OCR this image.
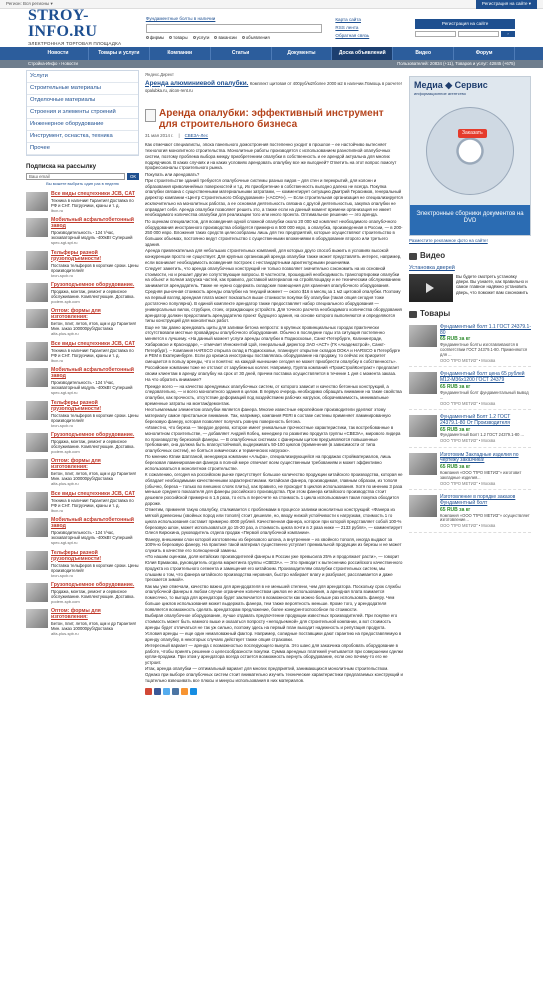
Регион: Вся регионы ▾	Регистрация на сайте ▾
STROY-INFO.RU
ЭЛЕКТРОННАЯ ТОРГОВАЯ ПЛОЩАДКА
Фундаментные болты в наличии
фирмы	товары	услуги	вакансии	объявления
Карта сайта
RSS лента
Обратная связь
Регистрация на сайте
›
Новости	Товары и услуги	Компании	Статьи	Документы	Доска объявлений	Видео	Форум
Стройка-Инфо › Новости	Пользователей: 20834 (+11), Товаров и услуг: 42845 (+675)
Услуги
Строительные материалы
Отделочные материалы
Строения и элементы строений
Инженерное оборудование
Инструмент, оснастка, техника
Прочее
Подписка на рассылку
Ваш email	ОК
Вы можете выбрать один раз в неделю
Все виды спецтехники JCB, CAT
Техника в наличии! Гарантия! Доставка по РФ и СНГ. Погрузчики, краны и т. д.
lbcn.ru
Мобильный асфальтобетонный завод
Производительность - 124 т/час, экскаваторный модуль -400кВт Супершнй
spec-sgt-spt.ru
Тельферы разной грузоподъемности!
Поставка тельферов в короткие сроки. Цены производителей!
krcn-spcb.ru
Грузоподъемное оборудование.
Продажа, монтаж, ремонт и сервисное обслуживание. Комплектующие. Доставка.
podem-spb.com
Оптом: формы для изготовления:
Бетон, плит, летов, ятов, щм и др Гарантия! Мин. заказ 100000руб!Доставка
alfa-plus-spb.ru
Все виды спецтехники JCB, CAT
Техника в наличии! Гарантия! Доставка по РФ и СНГ. Погрузчики, краны и т. д.
lbcn.ru
Мобильный асфальтобетонный завод
Производительность - 124 т/час, экскаваторный модуль -400кВт Супершнй
spec-sgt-spt.ru
Тельферы разной грузоподъемности!
Поставка тельферов в короткие сроки. Цены производителей!
krcn-spcb.ru
Грузоподъемное оборудование.
Продажа, монтаж, ремонт и сервисное обслуживание. Комплектующие. Доставка.
podem-spb.com
Оптом: формы для изготовления:
Бетон, плит, летов, ятов, щм и др Гарантия! Мин. заказ 100000руб!Доставка
alfa-plus-spb.ru
Все виды спецтехники JCB, CAT
Техника в наличии! Гарантия! Доставка по РФ и СНГ. Погрузчики, краны и т. д.
lbcn.ru
Мобильный асфальтобетонный завод
Производительность - 124 т/час, экскаваторный модуль -400кВт Супершнй
spec-sgt-spt.ru
Тельферы разной грузоподъемности!
Поставка тельферов в короткие сроки. Цены производителей!
krcn-spcb.ru
Грузоподъемное оборудование.
Продажа, монтаж, ремонт и сервисное обслуживание. Комплектующие. Доставка.
podem-spb.com
Оптом: формы для изготовления:
Бетон, плит, летов, ятов, щм и др Гарантия! Мин. заказ 100000руб!Доставка
alfa-plus-spb.ru
Яндекс.Директ
Аренда алюминиевой опалубки. Комплект щитовая от 400руб/м2!более 2000 м2 в наличии.Помощь в расчете!
opalubka.ru, alcon-rent.ru
Аренда опалубки: эффективный инструмент для строительного бизнеса
31 мая 2014 г. | СВЕЗА-Лес

Как отмечают специалисты, эпоха панельного домостроения постепенно уходит в прошлое – ее настойчиво вытесняет технология монолитного строительства. Монолитные работы производятся с использованием разнотипной опалубочных систем, поэтому проблема выбора между приобретением опалубки в собственность и ее арендой актуальна для многих подрядчиков. В каких случаях и на каких условиях арендовать опалубку все же выгодней? Ответить на этот вопрос помогут профессионалы строительного рынка.

Покупать или арендовать?

При строительстве зданий требуются опалубочные системы разных видов – для стен и перекрытий, для колонн и образования криволинейных поверхностей и т.д. Их приобретение в собственность выгодно далеко не всегда. Покупка опалубки связана с существенными материальными затратами, — комментирует ситуацию Дмитрий Герасимов, генеральный директор компании «Центр Строительного Оборудования» («АСОЧ»). — Если строительная организация не специализируется исключительно на монолитных работах, а ее основная деятельность связана с другой деятельностью, закупка опалубки не оправдает себя. Аренда опалубки позволяет решить это, а также если на данный момент времени организация не имеет необходимого количества опалубки для реализации того или иного проекта. Оптимальное решение — это аренда.

По оценкам специалистов, для возведения одной сложной опалубки около 20 000 м2 комплект необходимого опалубочного оборудования иностранного производства обойдется примерно в 500 000 евро, а опалубка, произведенная в России, — в 200-250 000 евро. Вложения таких средств целесообразны лишь для тех предприятий, которые осуществляют строительство в больших объемах, постоянно ведут строительство с существенными вложениями в оборудование второго или третьего здания.

Аренда привлекательна для небольших строительных компаний, для которых друго способ выжить в условиях высокой конкуренции просто не существует. Для крупных организаций аренда опалубки также может представлять интерес, например, если возникает необходимость возведения построек с нестандартными архитектурными решениями.

Следует заметить, что аренда опалубочных конструкций не только позволяет значительно сэкономить на их основной стоимости, но и решает другие сопутствующие вопросы. В частности, прошедшей необходимость транспортировки опалубки на объект и полная загрузка частей, как правило, доставкой материалов на стройплощадку и ее техническим обслуживанием занимается арендодатель. Также не нужно содержать складские помещения для хранения опалубочного оборудования.

Средняя рыночная стоимость аренды опалубки на текущий момент — около $16 в месяц за 1 м2 щитовой опалубки. Поэтому на первый взгляд арендная плата может показаться выше стоимости покупки б/у опалубки (такая опция сегодня тоже достаточно популярна). В единой комплекте арендатор также предоставляет набор специального оборудования — универсальных вилок, струбцин, стоек, ограждающих устройств. Для точного расчета необходимого количества оборудования арендатор должен предоставить арендодателю проект будущего здания, на основе которого выполняются и определяются типы конструкций для монолитных работ.

Еще не так давно арендовать щиты для заливки бетона непросто: в крупных провинциальных городах практически отсутствовали местные провайдеры опалубочного оборудования. Обычно в последние годы эта ситуация постепенно меняется к лучшему. «На данный момент услуги аренды опалубки в Подмосковье, Санкт-Петербурге, Калининграде, Хабаровске и Краснодаре, – отмечает Иннокентий Цой, генеральный директор ЗАО «АСТ» (ГК «Академстрой», Санкт-Петербург). – Компания HARSCO открыла склад в Подмосковье, планирует открытие складов DOKA и HARSCO в Петербурге и РЕМ в Екатеринбурге. Если до кризиса иностранцы поставлялась оборудование на продажу, то сейчас их приоритет смещается в пользу аренды, что и понятно: на каждой нынешние сегодня не может приобрести опалубку в собственность».

Российские компании тоже не отстают от зарубежных коллег. Например, Группа компаний «ПромСтройКонтракт» предлагает своим клиентам в аренду опалубку на срок от 30 дней, причем поставка осуществляется в течение 1 дня с момента заказа.

На что обратить внимание?

Прежде всего — на качество арендуемых опалубочных систем, от которого зависит и качество бетонных конструкций, а следовательно, — и всего монолитного здания в целом. В первую очередь необходимо обращать внимание на такие свойства опалубки, как прочность, отсутствие деформаций под воздействием рабочих нагрузок, оборачиваемость, минимальные временные затраты на монтаж/демонтаж.

Неотъемлемым элементом опалубки является фанера. Многие известные европейские производители уделяют этому материалу самое пристальное внимание. Так, например, компания PERI в составе системы применяет ламинированную березовую фанеру, которая позволяет получать ровную поверхность бетона.

«Известно, что береза — твердое дерево, которое имеет уникальные прочностные характеристики, так востребованные в монолитном строительстве, — добавляет Андрей Кобец, менеджер по развитию продукта группы «СВЕЗА», мирового лидера по производству березовой фанеры. — В опалубочных системах с фанерным щитом предъявляются повышенные требования, она должна быть влагоустойчивой, выдерживать 50-100 циклов (применения (в зависимости от типа опалубочных систем), не бояться химических и термических нагрузок».

По мнению Юлии Шатланой, менеджера компании «Альфа», специализирующейся на продажах стройматериалов, лишь березовая ламинированная фанера в полной мере отвечает всем существенным требованиям и может эффективно использоваться в монолитном строительстве.

К сожалению, сегодня на российском рынке присутствует большое количество продукции китайского производства, которая не обладает необходимыми качественными характеристиками. Китайская фанера, производимая, главным образом, из тополя (обычно, береза – только во внешних слоях плиты), как правило, не проходит 5 циклов использования. Хотя по мнению 3 раза меньше среднего показателя для фанеры российского производства. При этом фанера китайского производства стоит дешевле российской примерно в 1,6 раза, то есть в пересчете на стоимость 1 цикла использования такая покупка обходится дороже.

Отметим, применяя такую опалубку, сталкивается с проблемами в процессе заливки монолитных конструкций: «Фанера из мягкой древесины (хвойных пород или тополя) стоит дешевле, но, вводу низкой устойчивости к нагрузкам, стоимость 1 го цикла использования составит примерно 4000 рублей. Качественная фанера, которое при которой представляет собой 100-% березовую шпон, может использоваться до 15-20 раз, а стоимость цикла почти в 2 раза ниже — 2133 рубля», — комментирует Олеся Кирюхина, руководитель отдела продаж «Первой опалубочной компании».

Фанеру, внешними слои которой изготовлены из березового шпона, а внутренние – из хвойного тополя, иногда выдают за 100%-ю березовую фанеру. На практике такой материал существенно уступает премиальной продукции из березы и не может служить в качестве его полноценной замены.

«По нашим оценкам, доля китайских производителей фанеры в России уже превысила 25% и продолжает расти», — говорит Юлия Ермакова, руководитель отдела маркетинга группы «СВЕЗА». — Это приводит к вытеснению российского качественного продукта из строительного сегмента и замещения его китайским. Производителям опалубки строительных систем, мы слышим о том, что фанера китайского производства неровная, быстро набирает влагу и разбухает, расслаивается и даже трескается зимой».

Как мы уже отмечали, качество важно для арендодателя в не меньшей степени, чем для арендатора. Поскольку срок службы опалубочной фанеры в любом случае ограничен количеством циклов ее использования, а арендная плата взимается помесячно, то выгода для арендатора будет заключается в возможности как можно больше раз использовать фанеру. Чем больше циклов использования может выдержать фанера, тем также вероятность меньше. Кроме того, у арендодателя появляется возможность сделать арендаторам предложение, более конкурентоспособное по стоимости.

Выбирая опалубочное оборудование, лучше отдавать предпочтение продукции известных производителей. При покупке его стоимость может быть намного выше и оказаться попросту «неподъемной» для строительной компании, а вот стоимость аренды будет отличаться не так уж сильно, поэтому здесь на первый план выходит надежность и репутация продукта.

Условия аренды — еще один немаловажный фактор. Например, солидные поставщики дают гарантию на предоставляемую в аренду опалубку, в некоторых случаях действует также опция страховки.

Интересный вариант — аренда с возможностью последующего выкупа. Это шанс для заказчика опробовать оборудование в работе, чтобы принять решение о целесообразности покупки. Сумма арендных платежей учитывается при совершении сделки купли-продажи. При этом у арендатора всегда остается возможность вернуть оборудование, если оно почему-то его не устроит.

Итак, аренда опалубки — оптимальный вариант для многих предприятий, занимающихся монолитным строительством. Однако при выборе опалубочных систем стоит внимательно изучить технические характеристики предлагаемых конструкций и тщательно взвешивать все плюсы и минусы использования в них материалов.

Медиа ◆ Сервис
информационное агентство
Заказать
Электронные сборники документов на DVD
Разместите рекламное фото на сайте!
Видео
Установка дверей
Вы будете смотреть установку двери. Вы узнаете, как правильно и самое главное надёжно установить дверь, что поможет вам сэкономить
Товары
Фундаментный болт 1.1 ГОСТ 24379.1-80
65 RUB за кг
Фундаментные болты изготавливаются в соответствии ГОСТ 24379.1-80. Применяются для ...
ООО "ПРО МЕТИЗ" • Москва
Фундаментный болт цена 65 рублей М12-М36х1200 ГОСТ 24379
65 RUB за кг
Фундаментный болт фундаментальный вывод ...
ООО "ПРО МЕТИЗ" • Москва
Фундаментный Болт 1.2 ГОСТ 24379.1-80 От Производителя
65 RUB за кг
Фундаментный Болт 1.2 ГОСТ 24379.1-80 ...
ООО "ПРО МЕТИЗ" • Москва
Изготовим Закладные изделия по чертежу заказчика!
65 RUB за кг
Компания «ООО "ПРО МЕТИЗ"» изготовит закладные изделия...
ООО "ПРО МЕТИЗ" • Москва
Изготовление в порядке заказов Фундаментный болт
65 RUB за кг
Компания «ООО "ПРО МЕТИЗ"» осуществляет изготовление...
ООО "ПРО МЕТИЗ" • Москва
